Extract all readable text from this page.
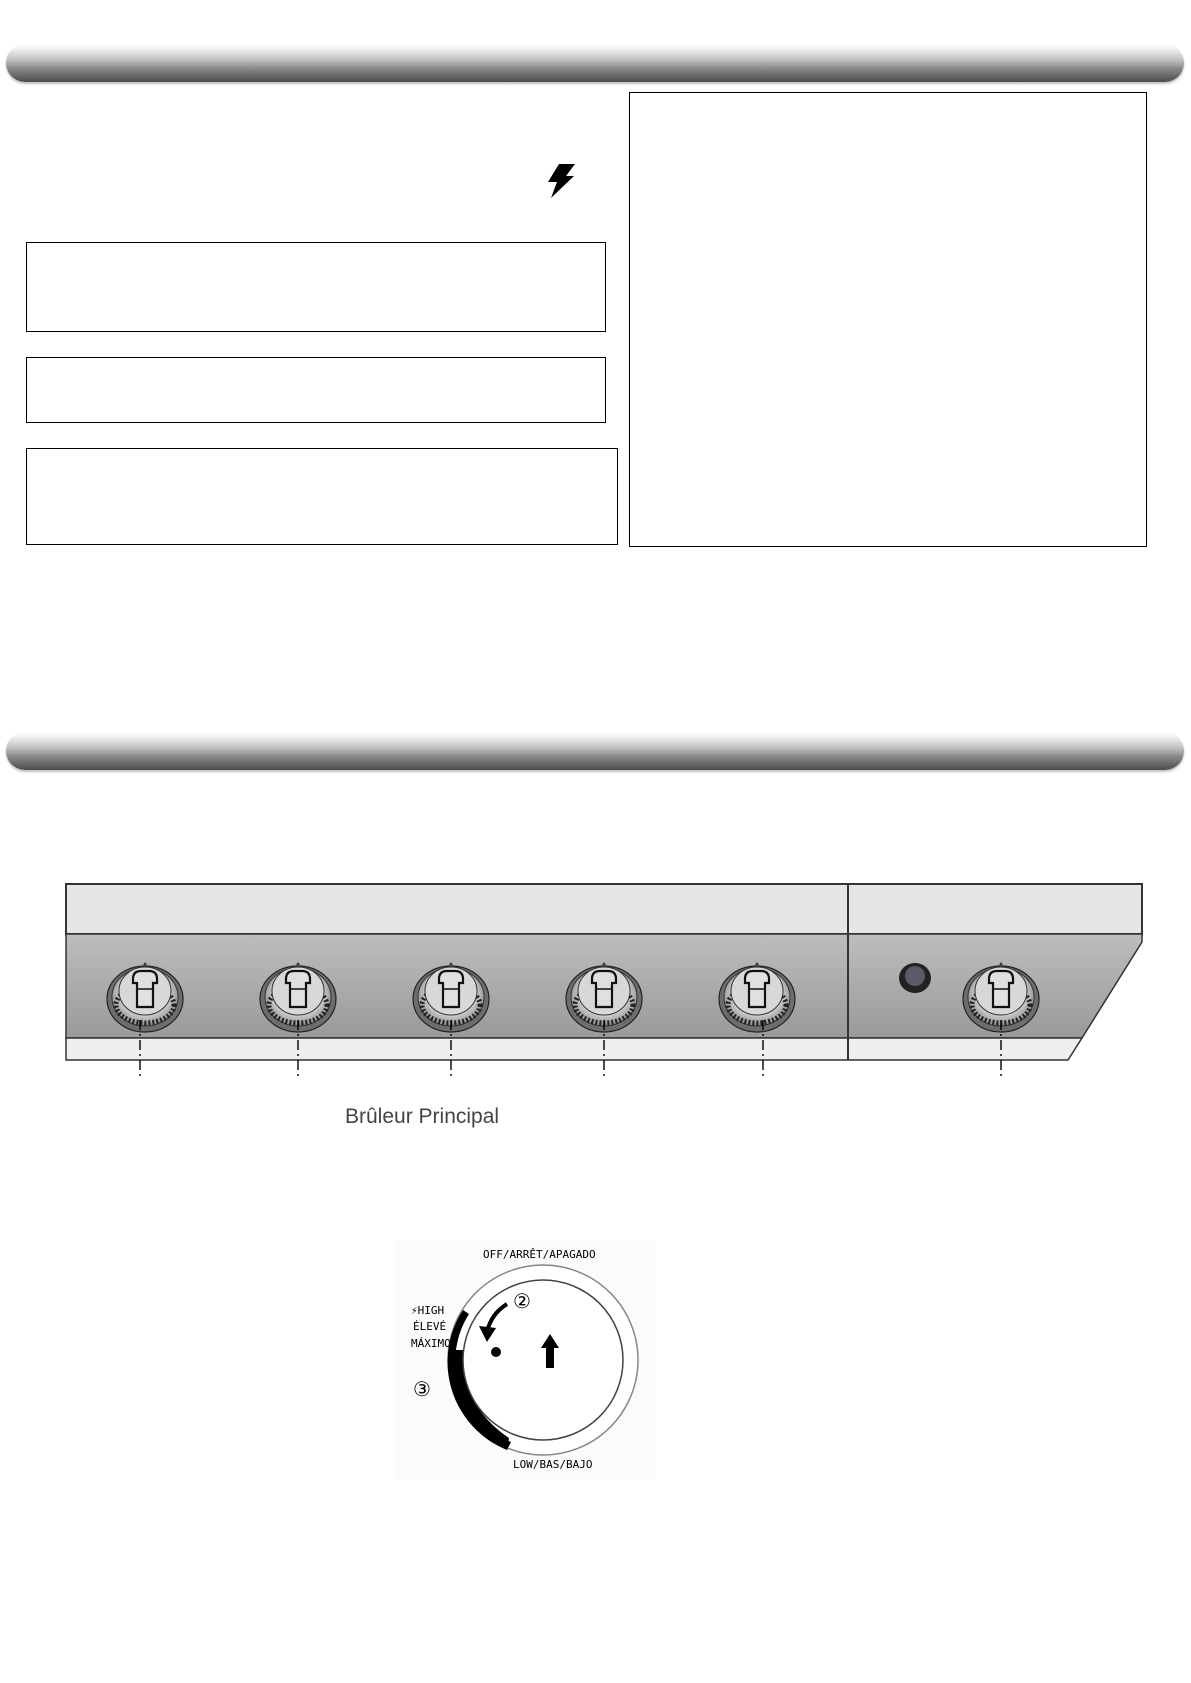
Brûleur Principal
OFF/ARRÊT/APAGADO
⚡HIGH
ÉLEVÉ
MÁXIMO
LOW/BAS/BAJO
②
③
